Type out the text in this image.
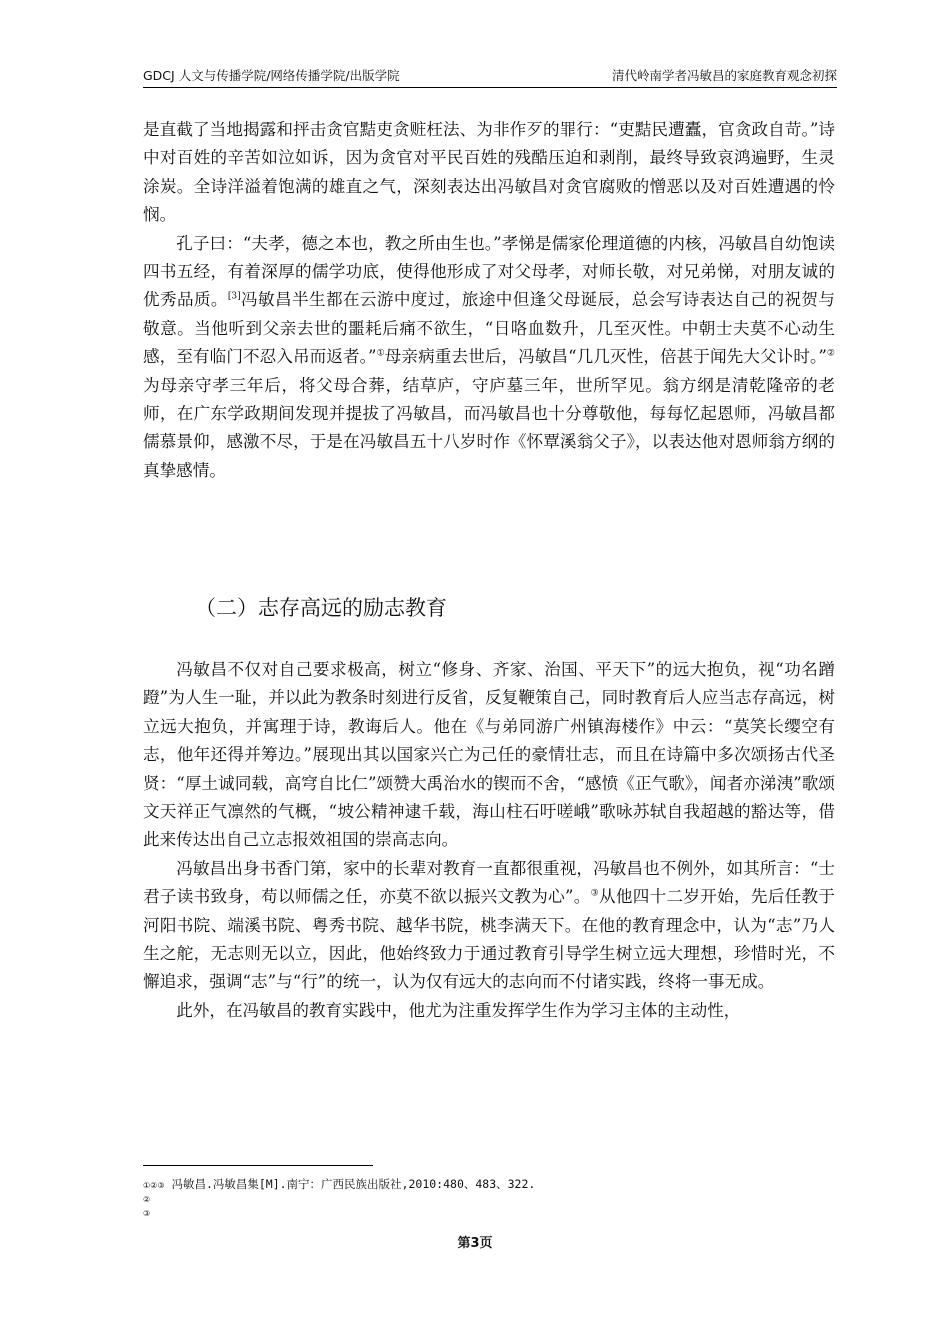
GDCJ 人文与传播学院/网络传播学院/出版学院	清代岭南学者冯敏昌的家庭教育观念初探

是直截了当地揭露和抨击贪官黠吏贪赃枉法、为非作歹的罪行：“吏黠民遭蠹，官贪政自苛。”诗中对百姓的辛苦如泣如诉，因为贪官对平民百姓的残酷压迫和剥削，最终导致哀鸿遍野，生灵涂炭。全诗洋溢着饱满的雄直之气，深刻表达出冯敏昌对贪官腐败的憎恶以及对百姓遭遇的怜悯。

孔子曰：“夫孝，德之本也，教之所由生也。”孝悌是儒家伦理道德的内核，冯敏昌自幼饱读四书五经，有着深厚的儒学功底，使得他形成了对父母孝，对师长敬，对兄弟悌，对朋友诚的优秀品质。[3]冯敏昌半生都在云游中度过，旅途中但逢父母诞辰，总会写诗表达自己的祝贺与敬意。当他听到父亲去世的噩耗后痛不欲生，“日咯血数升，几至灭性。中朝士夫莫不心动生感，至有临门不忍入吊而返者。”①母亲病重去世后，冯敏昌“几几灭性，倍甚于闻先大父讣时。”②为母亲守孝三年后，将父母合葬，结草庐，守庐墓三年，世所罕见。翁方纲是清乾隆帝的老师，在广东学政期间发现并提拔了冯敏昌，而冯敏昌也十分尊敬他，每每忆起恩师，冯敏昌都儒慕景仰，感激不尽，于是在冯敏昌五十八岁时作《怀覃溪翁父子》，以表达他对恩师翁方纲的真挚感情。

（二）志存高远的励志教育

冯敏昌不仅对自己要求极高，树立“修身、齐家、治国、平天下”的远大抱负，视“功名蹭蹬”为人生一耻，并以此为教条时刻进行反省，反复鞭策自己，同时教育后人应当志存高远，树立远大抱负，并寓理于诗，教诲后人。他在《与弟同游广州镇海楼作》中云：“莫笑长缨空有志，他年还得并筹边。”展现出其以国家兴亡为己任的豪情壮志，而且在诗篇中多次颂扬古代圣贤：“厚土诚同载，高穹自比仁”颂赞大禹治水的锲而不舍，“感愤《正气歌》，闻者亦涕洟”歌颂文天祥正气凛然的气概，“坡公精神逮千载，海山柱石吁嗟峨”歌咏苏轼自我超越的豁达等，借此来传达出自己立志报效祖国的崇高志向。

冯敏昌出身书香门第，家中的长辈对教育一直都很重视，冯敏昌也不例外，如其所言：“士君子读书致身，苟以师儒之任，亦莫不欲以振兴文教为心”。③从他四十二岁开始，先后任教于河阳书院、端溪书院、粤秀书院、越华书院，桃李满天下。在他的教育理念中，认为“志”乃人生之舵，无志则无以立，因此，他始终致力于通过教育引导学生树立远大理想，珍惜时光，不懈追求，强调“志”与“行”的统一，认为仅有远大的志向而不付诸实践，终将一事无成。

此外，在冯敏昌的教育实践中，他尤为注重发挥学生作为学习主体的主动性，

①②③ 冯敏昌.冯敏昌集[M].南宁：广西民族出版社,2010:480、483、322.
②
③
第3页
